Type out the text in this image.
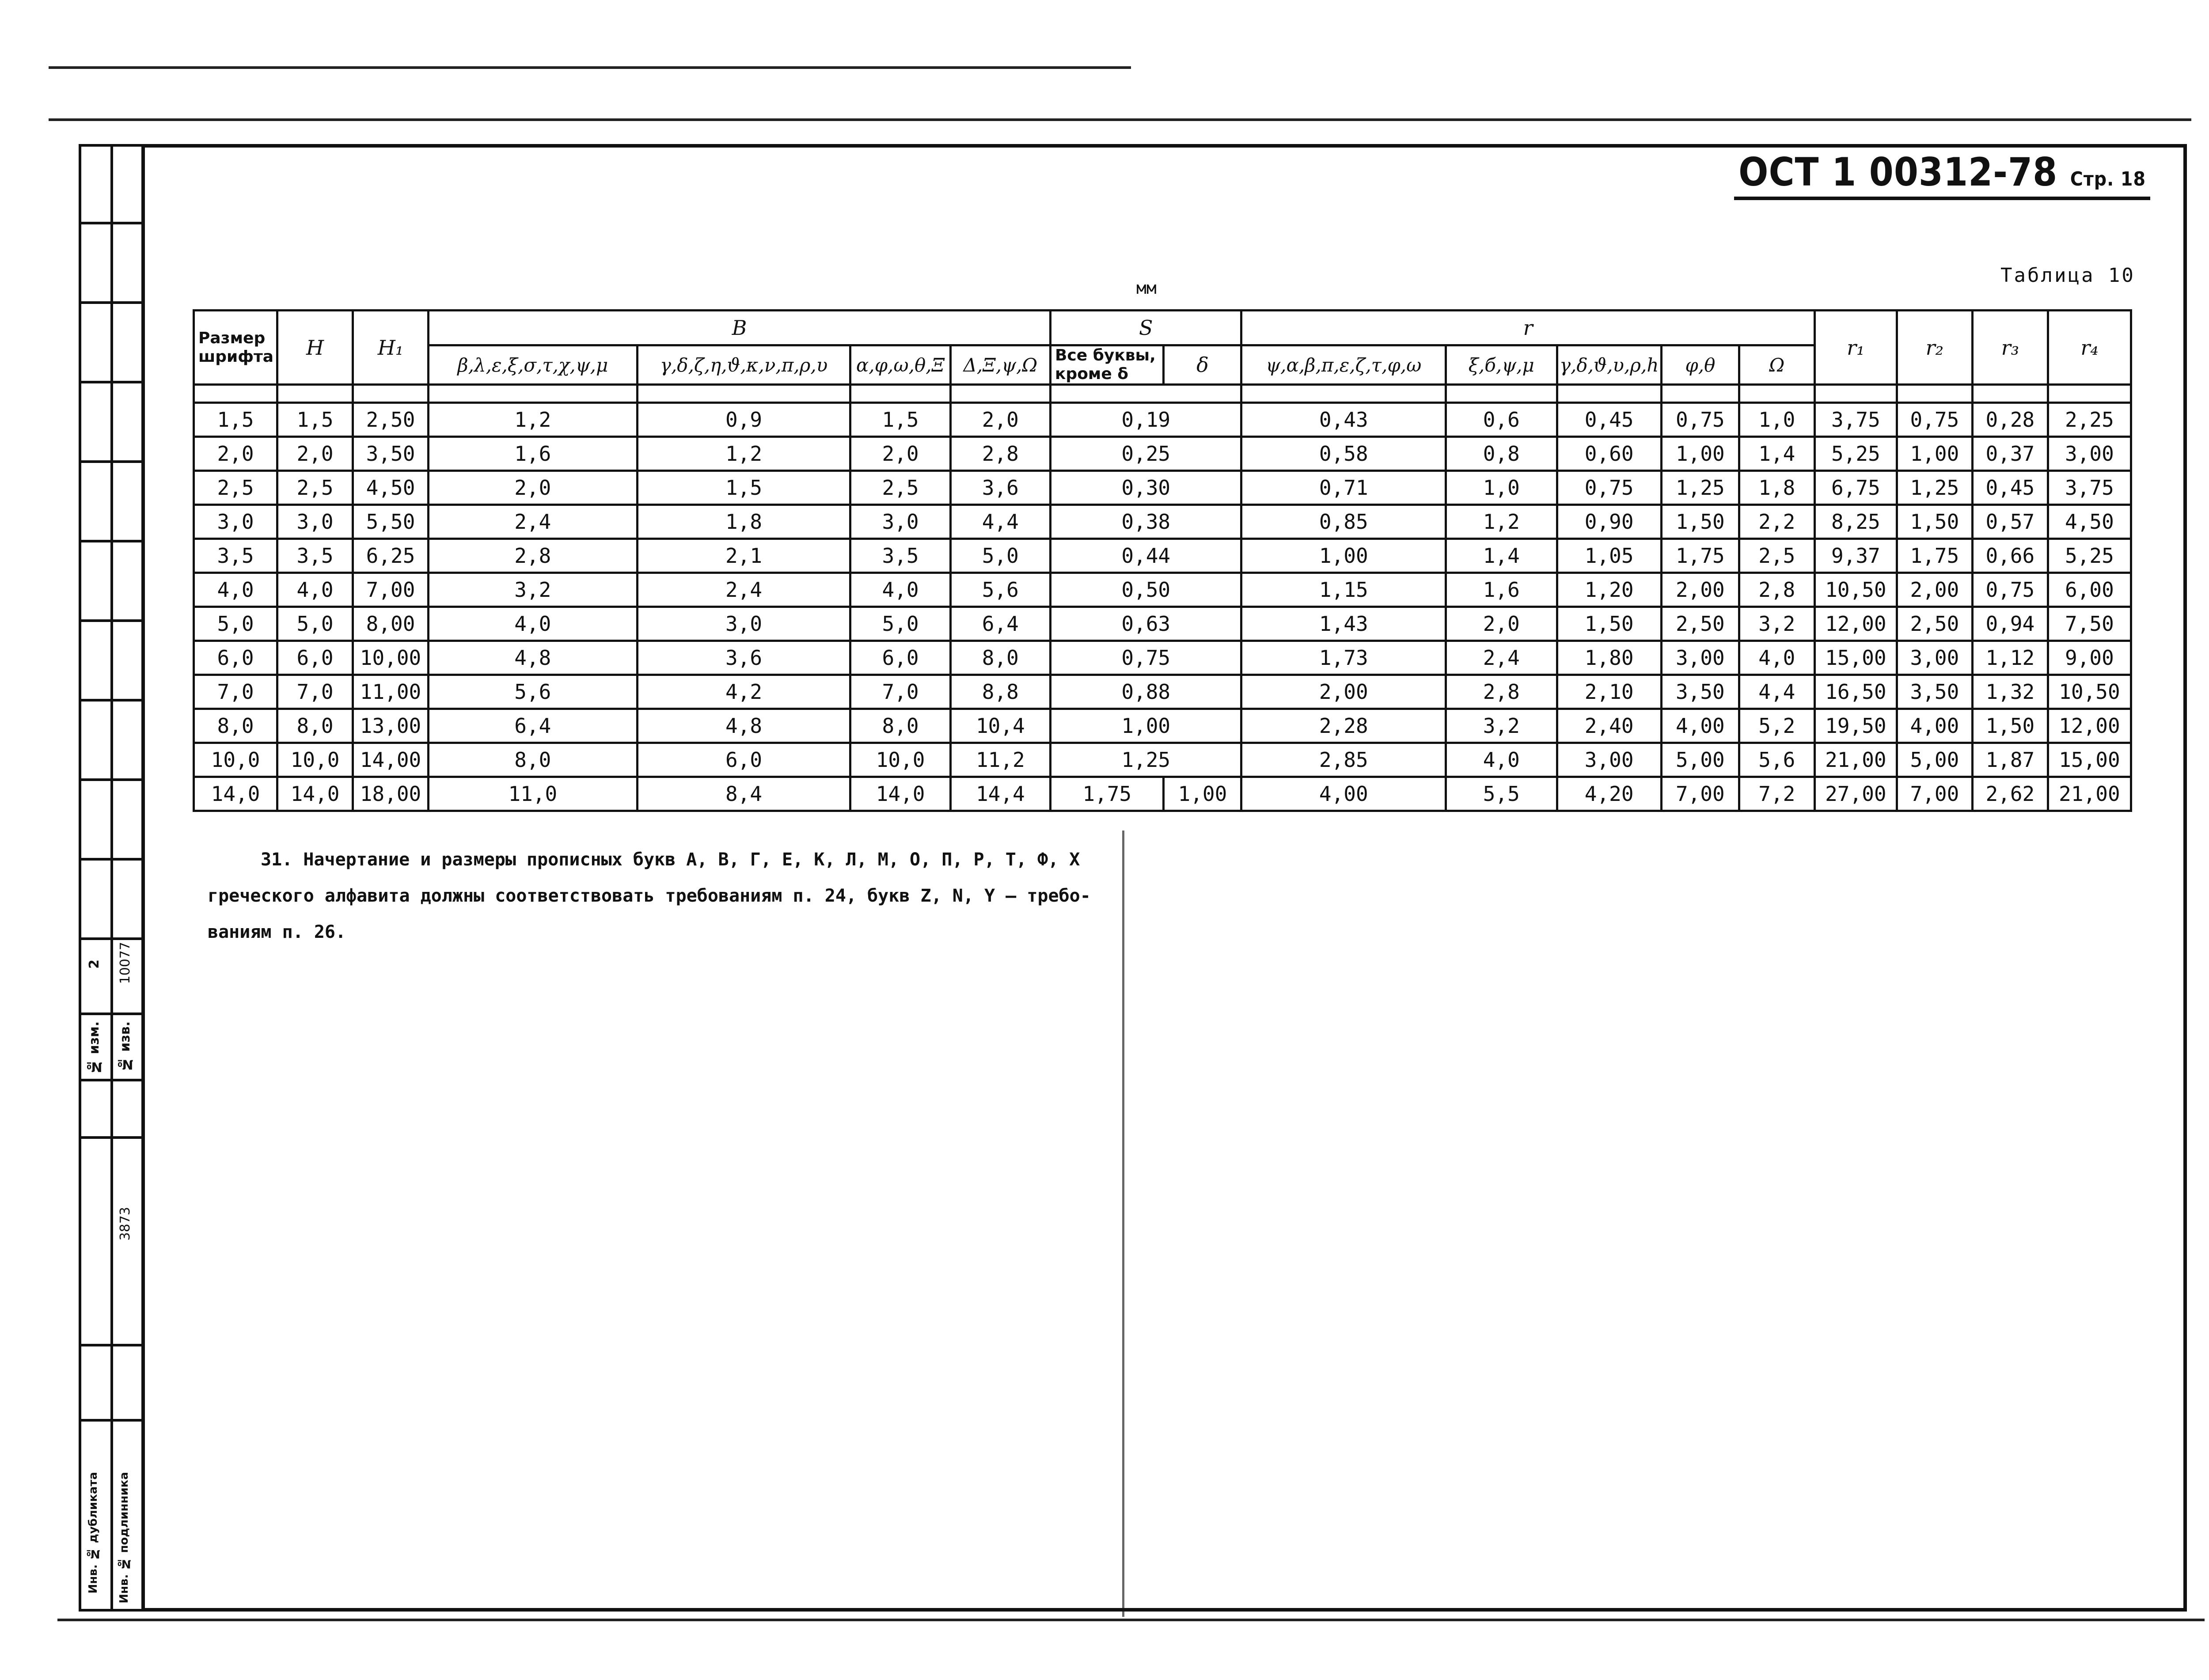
2 10077
№ изм. № изв.
3873
Инв. № дубликата Инв. № подлинника
ОСТ 1 00312-78 Стр. 18
Таблица 10
мм
Размер шрифта	H	H₁	B				S		r					r₁	r₂	r₃	r₄
			β,λ,ε,ξ,σ,τ,χ,ψ,μ	γ,δ,ζ,η,ϑ,κ,ν,π,ρ,υ	α,φ,ω,θ,Ξ	Δ,Ξ,ψ,Ω	Все буквы, кроме δ	δ	ψ,α,β,π,ε,ζ,τ,φ,ω	ξ,б,ψ,μ	γ,δ,ϑ,υ,ρ,h	φ,θ	Ω				

1,5	1,5	2,50	1,2	0,9	1,5	2,0	0,19		0,43	0,6	0,45	0,75	1,0	3,75	0,75	0,28	2,25
2,0	2,0	3,50	1,6	1,2	2,0	2,8	0,25		0,58	0,8	0,60	1,00	1,4	5,25	1,00	0,37	3,00
2,5	2,5	4,50	2,0	1,5	2,5	3,6	0,30		0,71	1,0	0,75	1,25	1,8	6,75	1,25	0,45	3,75
3,0	3,0	5,50	2,4	1,8	3,0	4,4	0,38		0,85	1,2	0,90	1,50	2,2	8,25	1,50	0,57	4,50
3,5	3,5	6,25	2,8	2,1	3,5	5,0	0,44		1,00	1,4	1,05	1,75	2,5	9,37	1,75	0,66	5,25
4,0	4,0	7,00	3,2	2,4	4,0	5,6	0,50		1,15	1,6	1,20	2,00	2,8	10,50	2,00	0,75	6,00
5,0	5,0	8,00	4,0	3,0	5,0	6,4	0,63		1,43	2,0	1,50	2,50	3,2	12,00	2,50	0,94	7,50
6,0	6,0	10,00	4,8	3,6	6,0	8,0	0,75		1,73	2,4	1,80	3,00	4,0	15,00	3,00	1,12	9,00
7,0	7,0	11,00	5,6	4,2	7,0	8,8	0,88		2,00	2,8	2,10	3,50	4,4	16,50	3,50	1,32	10,50
8,0	8,0	13,00	6,4	4,8	8,0	10,4	1,00		2,28	3,2	2,40	4,00	5,2	19,50	4,00	1,50	12,00
10,0	10,0	14,00	8,0	6,0	10,0	11,2	1,25		2,85	4,0	3,00	5,00	5,6	21,00	5,00	1,87	15,00
14,0	14,0	18,00	11,0	8,4	14,0	14,4	1,75	1,00	4,00	5,5	4,20	7,00	7,2	27,00	7,00	2,62	21,00
31. Начертание и размеры прописных букв А, В, Г, Е, К, Л, М, О, П, Р, Т, Ф, Х
греческого алфавита должны соответствовать требованиям п. 24, букв Z, N, Y – требо-
ваниям п. 26.
